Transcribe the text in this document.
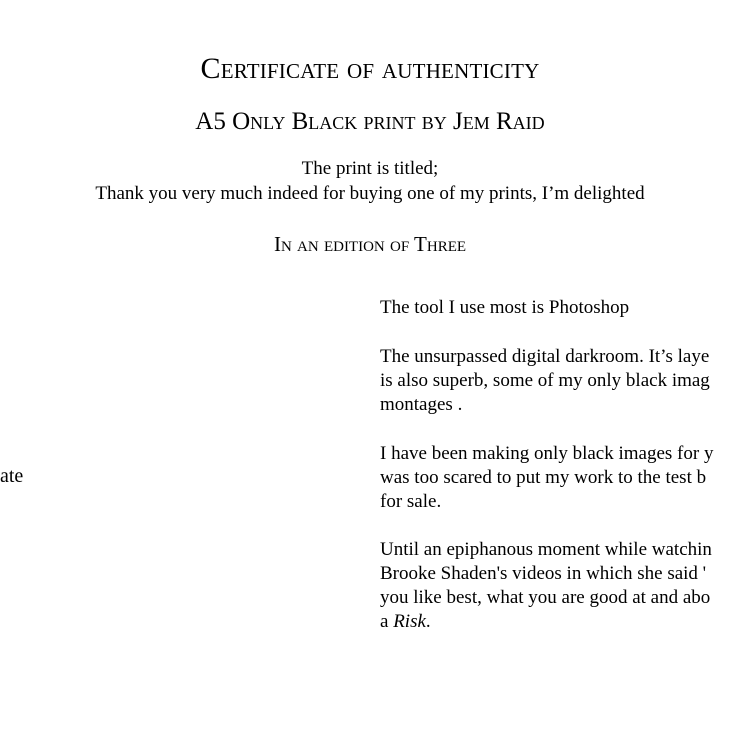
Certificate of authenticity
A5 Only Black print by Jem Raid
The print is titled;
Thank you very much indeed for buying one of my prints, I’m delighted
In an edition of Three
ate
The tool I use most is Photoshop
The unsurpassed digital darkroom. It’s laye
is also superb, some of my only black imag
montages .
I have been making only black images for y
was too scared to put my work to the test b
for sale.
Until an epiphanous moment while watchin
Brooke Shaden's videos in which she said '
you like best, what you are good at and abo
a Risk.
